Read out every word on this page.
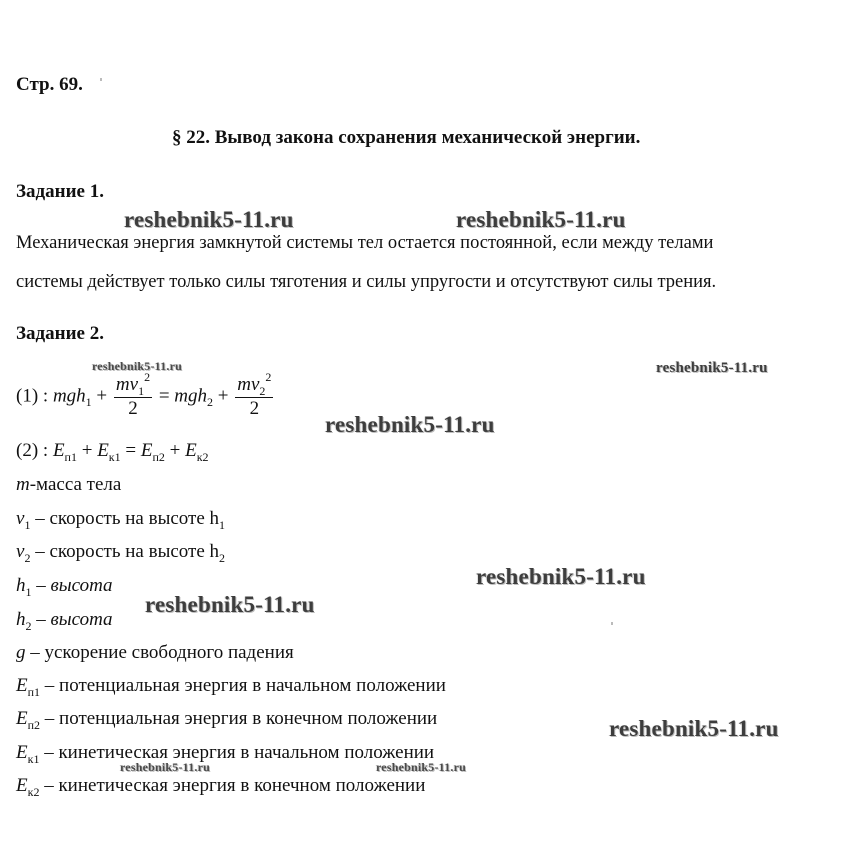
Стр. 69.
§ 22. Вывод закона сохранения механической энергии.
Задание 1.
Механическая энергия замкнутой системы тел остается постоянной, если между телами
системы действует только силы тяготения и силы упругости и отсутствуют силы трения.
Задание 2.
(1) : $mgh_1 + \frac{mv_1^2}{2} = mgh_2 + \frac{mv_2^2}{2}$
(2) : $E_{п1} + E_{к1} = E_{п2} + E_{к2}$
m-масса тела
$v_1$ – скорость на высоте $h_1$
$v_2$ – скорость на высоте $h_2$
$h_1$ – высота
$h_2$ – высота
g – ускорение свободного падения
$E_{п1}$ – потенциальная энергия в начальном положении
$E_{п2}$ – потенциальная энергия в конечном положении
$E_{к1}$ – кинетическая энергия в начальном положении
$E_{к2}$ – кинетическая энергия в конечном положении
reshebnik5-11.ru	reshebnik5-11.ru
reshebnik5-11.ru	reshebnik5-11.ru
reshebnik5-11.ru
reshebnik5-11.ru
reshebnik5-11.ru
reshebnik5-11.ru
reshebnik5-11.ru	reshebnik5-11.ru
